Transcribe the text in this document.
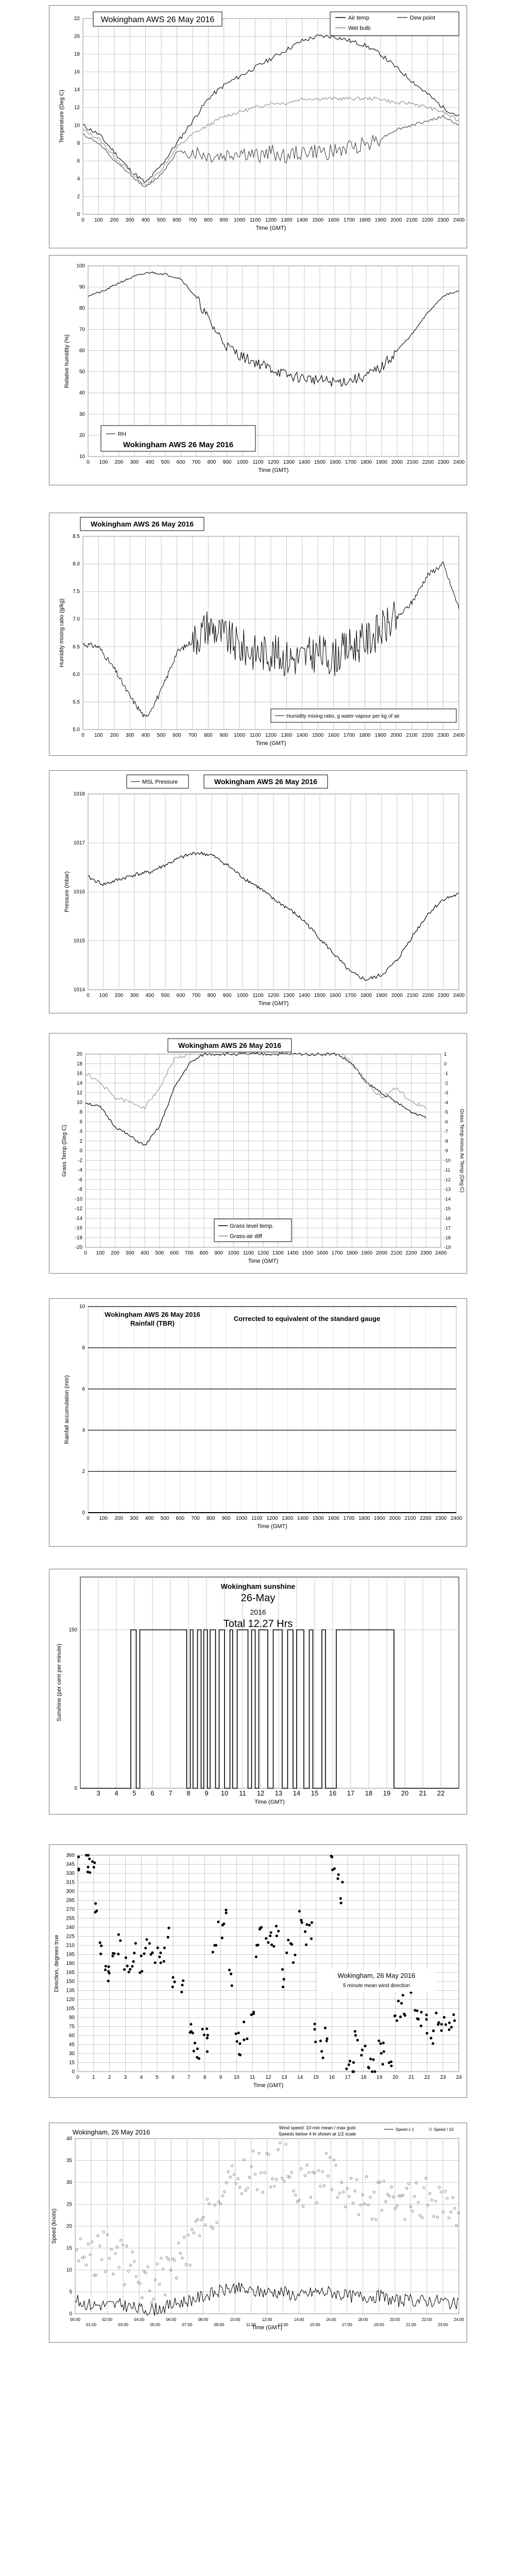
0 100 200 300 400 500 600 700 800 900 1000 1100 1200 1300 1400 1500 1600 1700 1800 1900 2000 2100 2200 2300 2400
0
2
4
6
8
10
12
14
16
18
20
22
Time (GMT)
Temperature (Deg C)
Wokingham AWS 26 May 2016	Air temp	Dew point
Wet bulb
0 100 200 300 400 500 600 700 800 900 1000 1100 1200 1300 1400 1500 1600 1700 1800 1900 2000 2100 2200 2300 2400
10
20
30
40
50
60
70
80
90
100
Time (GMT)
Relative humidity (%)
RH
Wokingham AWS 26 May 2016
0 100 200 300 400 500 600 700 800 900 1000 1100 1200 1300 1400 1500 1600 1700 1800 1900 2000 2100 2200 2300 2400
5.0
5.5
6.0
6.5
7.0
7.5
8.0
8.5
Time (GMT)
Humidity mixing ratio (g/kg)
Wokingham AWS 26 May 2016
Humidity mixing ratio, g water vapour per kg of air
0 100 200 300 400 500 600 700 800 900 1000 1100 1200 1300 1400 1500 1600 1700 1800 1900 2000 2100 2200 2300 2400
1014
1015
1016
1017
1018
Time (GMT)
Pressure (mbar)
MSL Pressure	Wokingham AWS 26 May 2016
0 100 200 300 400 500 600 700 800 900 1000 1100 1200 1300 1400 1500 1600 1700 1800 1900 2000 2100 2200 2300 2400
-20
-18
-16
-14
-12
-10
-8
-6
-4
-2
0
2
4
6
8
10
12
14
16
18
20
Time (GMT)
Grass Temp (Deg C)
-19
-18
-17
-16
-15
-14
-13
-12
-11
-10
-9
-8
-7
-6
-5
-4
-3
-2
-1
0
1
Grass Temp minus Air Temp (Deg C)
Wokingham AWS 26 May 2016
Grass level temp.
Grass-air diff
0 100 200 300 400 500 600 700 800 900 1000 1100 1200 1300 1400 1500 1600 1700 1800 1900 2000 2100 2200 2300 2400
0
2
4
6
8
10
Time (GMT)
Rainfall accumulation (mm)
Wokingham AWS 26 May 2016
Rainfall (TBR)
Corrected to equivalent of the standard gauge
3 4 5 6 7 8 9 10 11 12 13 14 15 16 17 18 19 20 21 22
0
150
Time (GMT)
Sunshine (per cent per minute)
Wokingham sunshine
26-May
2016
Total 12.27 Hrs
0	1	2	3	4	5	6	7	8	9 10 11 12 13 14 15 16 17 18 19 20 21 22 23 24
0
15
30
45
60
75
90
105
120
135
150
165
180
195
210
225
240
255
270
285
300
315
330
345
360
Time (GMT)
Direction, degrees true	Wokingham, 26 May 2016
5 minute mean wind direction
00:00
01:00
02:00
03:00
04:00
05:00
06:00
07:00
08:00
09:00
10:00
11:00
12:00
13:00
14:00
15:00
16:00
17:00
18:00
19:00
20:00
21:00
22:00
23:00
24:00
0
5
10
15
20
25
30
35
40
Time (GMT)
Speed (knots)
Wokingham, 26 May 2016
Wind speed: 10 min mean / max gust
Speeds below 4 kt shown at 1/2 scale
Speed x 1	Speed / 10
